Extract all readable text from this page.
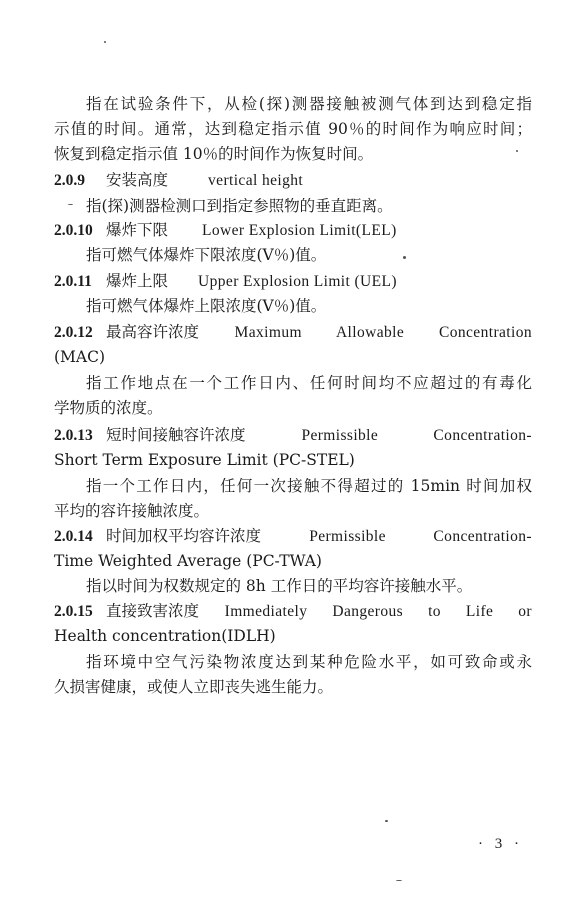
指在试验条件下，从检(探)测器接触被测气体到达到稳定指
示值的时间。通常，达到稳定指示值 90％的时间作为响应时间；
恢复到稳定指示值 10％的时间作为恢复时间。
2.0.9 安装高度	vertical height
指(探)测器检测口到指定参照物的垂直距离。
2.0.10 爆炸下限 Lower Explosion Limit(LEL)
指可燃气体爆炸下限浓度(V％)值。
2.0.11 爆炸上限 Upper Explosion Limit (UEL)
指可燃气体爆炸上限浓度(V％)值。
2.0.12 最高容许浓度 Maximum Allowable Concentration
(MAC)
指工作地点在一个工作日内、任何时间均不应超过的有毒化
学物质的浓度。
2.0.13 短时间接触容许浓度	Permissible Concentration-
Short Term Exposure Limit (PC-STEL)
指一个工作日内，任何一次接触不得超过的 15min 时间加权
平均的容许接触浓度。
2.0.14 时间加权平均容许浓度	Permissible Concentration-
Time Weighted Average (PC-TWA)
指以时间为权数规定的 8h 工作日的平均容许接触水平。
2.0.15 直接致害浓度 Immediately Dangerous to Life or
Health concentration(IDLH)
指环境中空气污染物浓度达到某种危险水平，如可致命或永
久损害健康，或使人立即丧失逃生能力。
· 3 ·
